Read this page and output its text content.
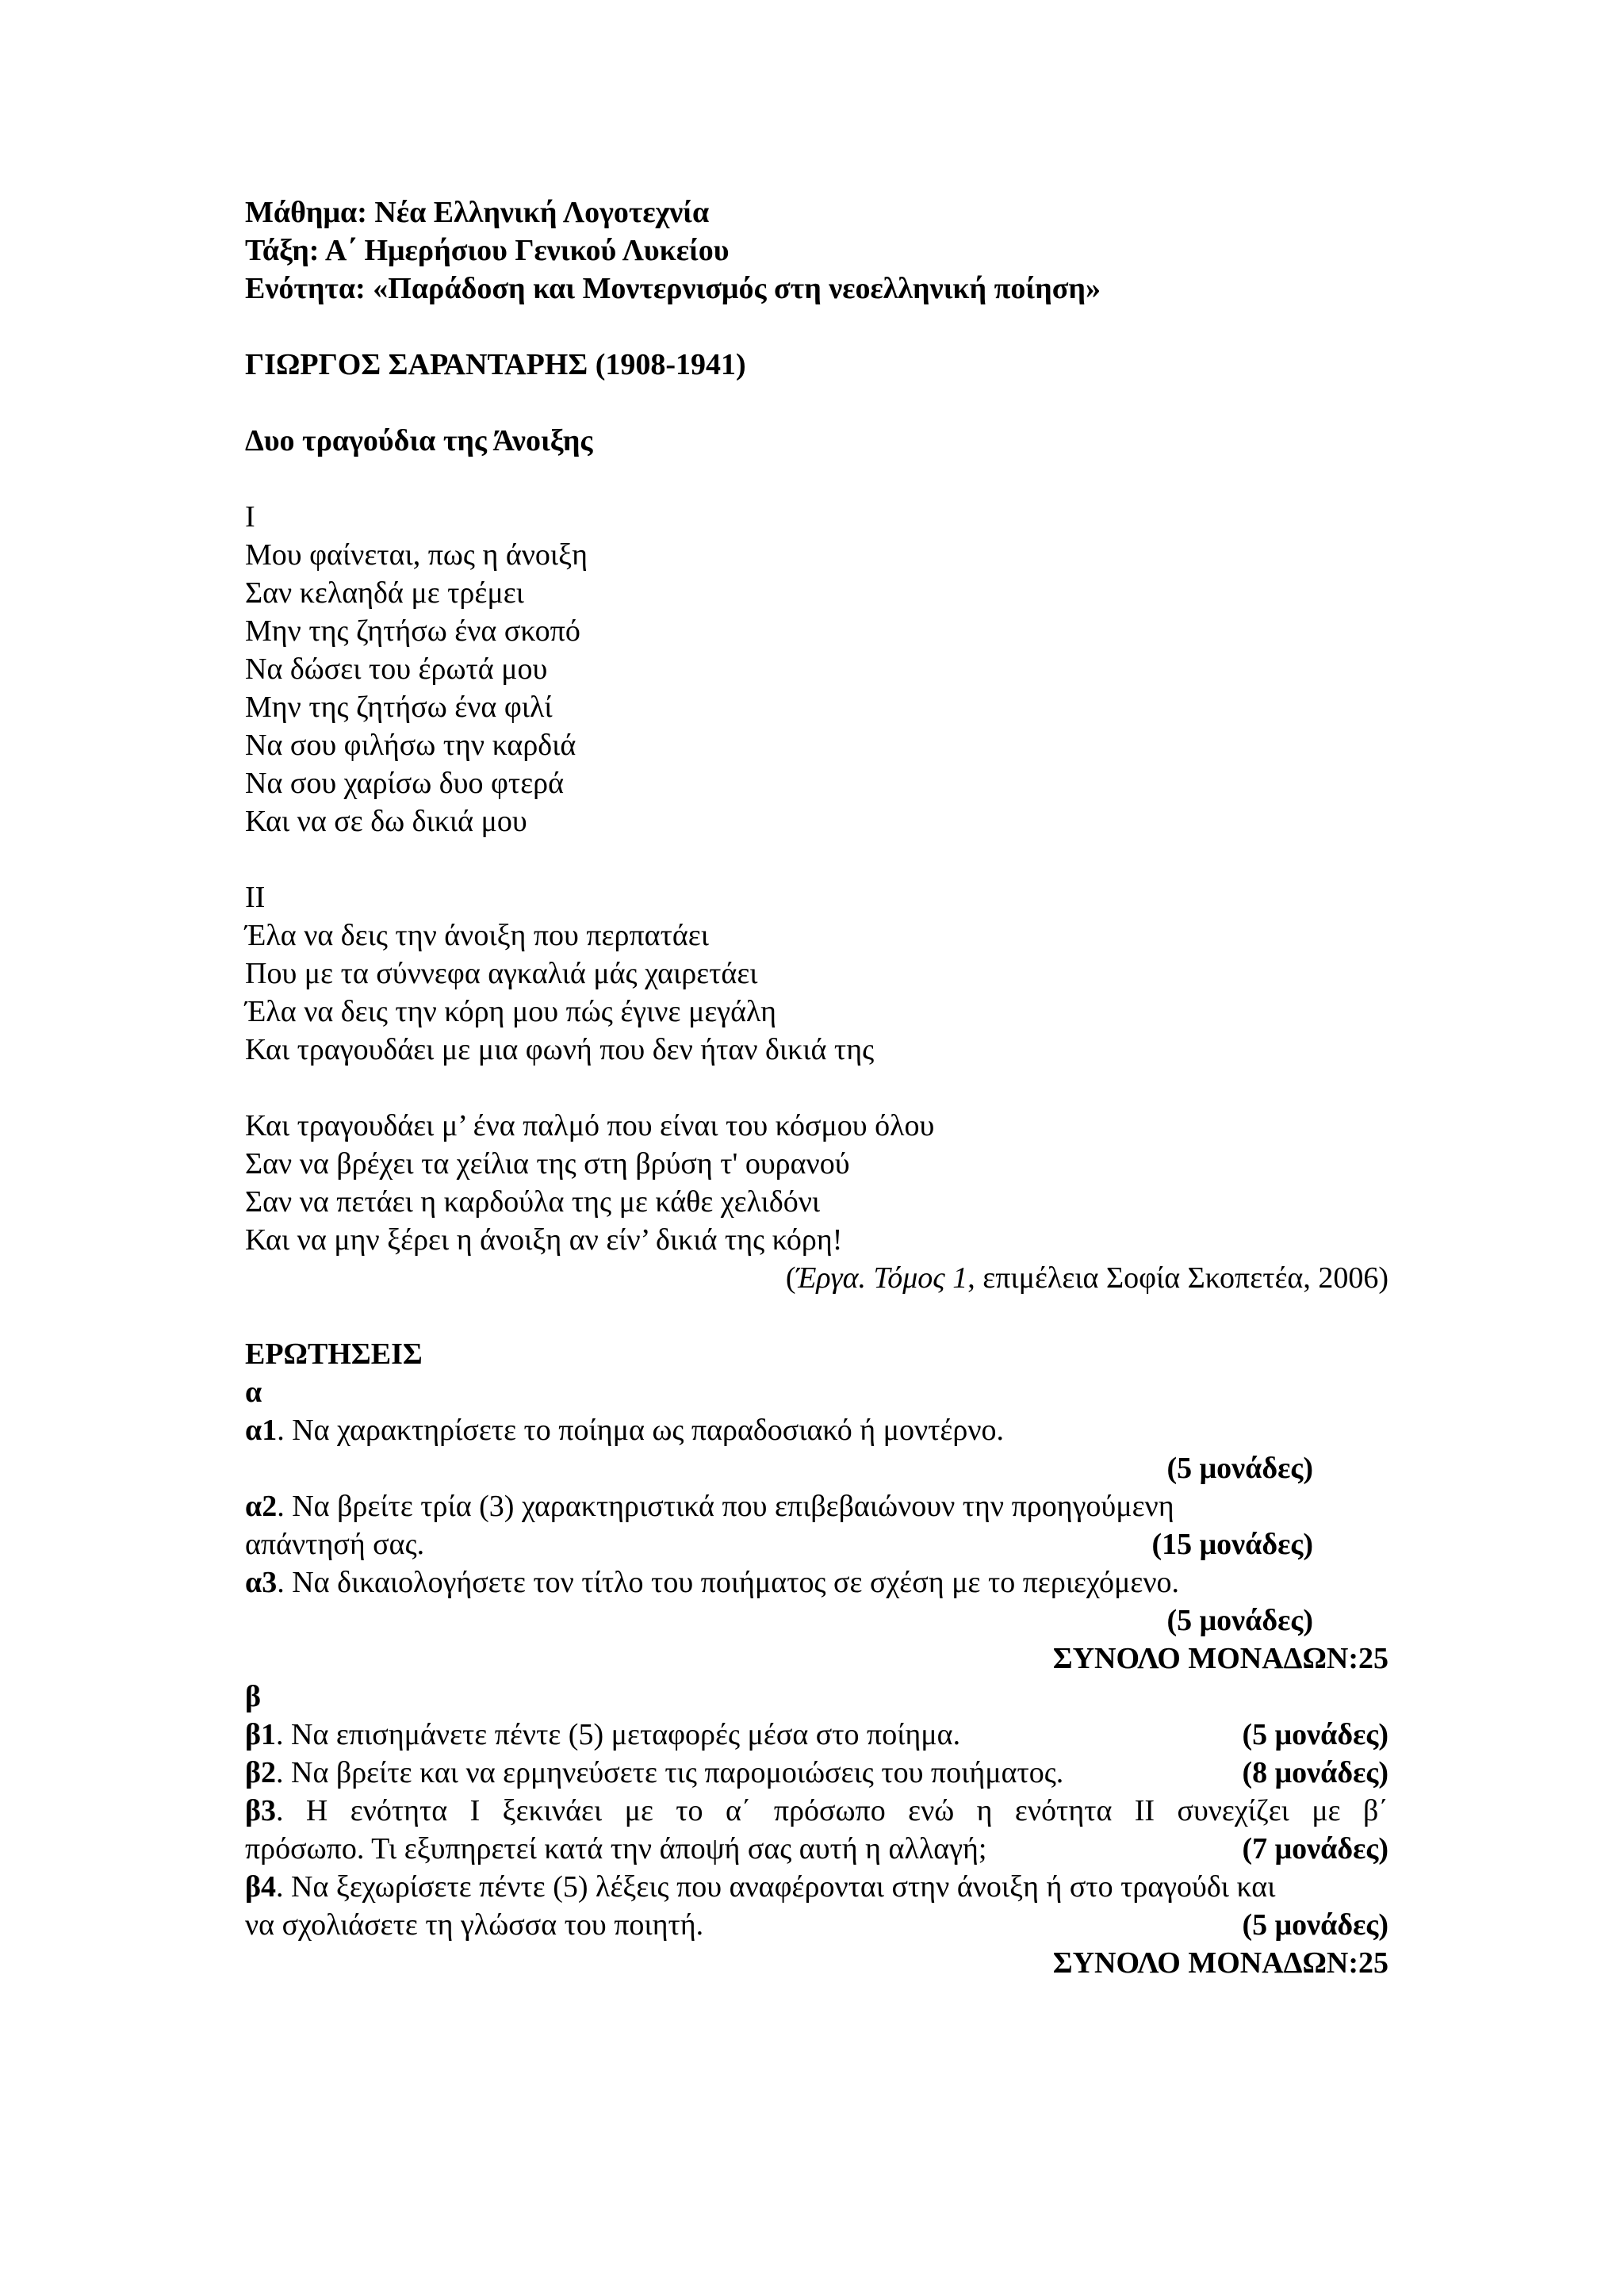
Μάθημα: Νέα Ελληνική Λογοτεχνία
Τάξη: Α΄ Ημερήσιου Γενικού Λυκείου
Ενότητα: «Παράδοση και Μοντερνισμός στη νεοελληνική ποίηση»
ΓΙΩΡΓΟΣ ΣΑΡΑΝΤΑΡΗΣ (1908-1941)
Δυο τραγούδια της Άνοιξης
Ι
Μου φαίνεται, πως η άνοιξη
Σαν κελαηδά με τρέμει
Μην της ζητήσω ένα σκοπό
Να δώσει του έρωτά μου
Μην της ζητήσω ένα φιλί
Να σου φιλήσω την καρδιά
Να σου χαρίσω δυο φτερά
Και να σε δω δικιά μου
ΙΙ
Έλα να δεις την άνοιξη που περπατάει
Που με τα σύννεφα αγκαλιά μάς χαιρετάει
Έλα να δεις την κόρη μου πώς έγινε μεγάλη
Και τραγουδάει με μια φωνή που δεν ήταν δικιά της
Και τραγουδάει μ’ ένα παλμό που είναι του κόσμου όλου
Σαν να βρέχει τα χείλια της στη βρύση τ' ουρανού
Σαν να πετάει η καρδούλα της με κάθε χελιδόνι
Και να μην ξέρει η άνοιξη αν είν’ δικιά της κόρη!
(Έργα. Τόμος 1, επιμέλεια Σοφία Σκοπετέα, 2006)
ΕΡΩΤΗΣΕΙΣ
α
α1. Να χαρακτηρίσετε το ποίημα ως παραδοσιακό ή μοντέρνο.
(5 μονάδες)
α2. Να βρείτε τρία (3) χαρακτηριστικά που επιβεβαιώνουν την προηγούμενη
απάντησή σας.	(15 μονάδες)
α3. Να δικαιολογήσετε τον τίτλο του ποιήματος σε σχέση με το περιεχόμενο.
(5 μονάδες)
ΣΥΝΟΛΟ ΜΟΝΑΔΩΝ:25
β
β1. Να επισημάνετε πέντε (5) μεταφορές μέσα στο ποίημα.	(5 μονάδες)
β2. Να βρείτε και να ερμηνεύσετε τις παρομοιώσεις του ποιήματος.	(8 μονάδες)
β3. Η ενότητα Ι ξεκινάει με το α΄ πρόσωπο ενώ η ενότητα ΙΙ συνεχίζει με β΄
πρόσωπο. Τι εξυπηρετεί κατά την άποψή σας αυτή η αλλαγή;	(7 μονάδες)
β4. Να ξεχωρίσετε πέντε (5) λέξεις που αναφέρονται στην άνοιξη ή στο τραγούδι και
να σχολιάσετε τη γλώσσα του ποιητή.	(5 μονάδες)
ΣΥΝΟΛΟ ΜΟΝΑΔΩΝ:25
